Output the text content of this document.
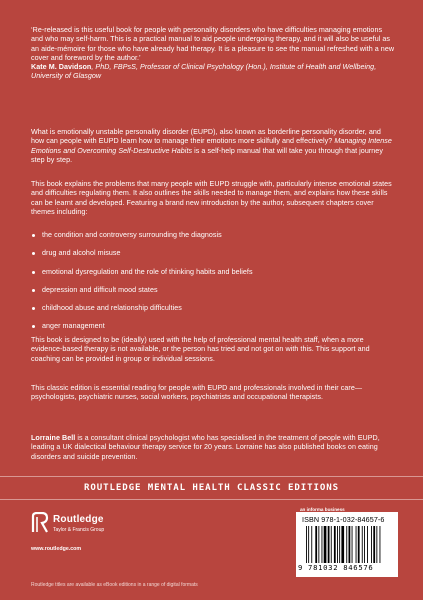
‘Re-released is this useful book for people with personality disorders who have difficulties managing emotions and who may self-harm. This is a practical manual to aid people undergoing therapy, and it will also be useful as an aide-mémoire for those who have already had therapy. It is a pleasure to see the manual refreshed with a new cover and foreword by the author.’

Kate M. Davidson, PhD, FBPsS, Professor of Clinical Psychology (Hon.), Institute of Health and Wellbeing, University of Glasgow

What is emotionally unstable personality disorder (EUPD), also known as borderline personality disorder, and how can people with EUPD learn how to manage their emotions more skilfully and effectively? Managing Intense Emotions and Overcoming Self-Destructive Habits is a self-help manual that will take you through that journey step by step.

This book explains the problems that many people with EUPD struggle with, particularly intense emotional states and difficulties regulating them. It also outlines the skills needed to manage them, and explains how these skills can be learnt and developed. Featuring a brand new introduction by the author, subsequent chapters cover themes including:

the condition and controversy surrounding the diagnosis
drug and alcohol misuse
emotional dysregulation and the role of thinking habits and beliefs
depression and difficult mood states
childhood abuse and relationship difficulties
anger management

This book is designed to be (ideally) used with the help of professional mental health staff, when a more evidence-based therapy is not available, or the person has tried and not got on with this. This support and coaching can be provided in group or individual sessions.

This classic edition is essential reading for people with EUPD and professionals involved in their care—psychologists, psychiatric nurses, social workers, psychiatrists and occupational therapists.

Lorraine Bell is a consultant clinical psychologist who has specialised in the treatment of people with EUPD, leading a UK dialectical behaviour therapy service for 20 years. Lorraine has also published books on eating disorders and suicide prevention.

ROUTLEDGE MENTAL HEALTH CLASSIC EDITIONS
Routledge
Taylor & Francis Group
www.routledge.com
an informa business
ISBN 978-1-032-84657-6
9 781032 846576
Routledge titles are available as eBook editions in a range of digital formats
